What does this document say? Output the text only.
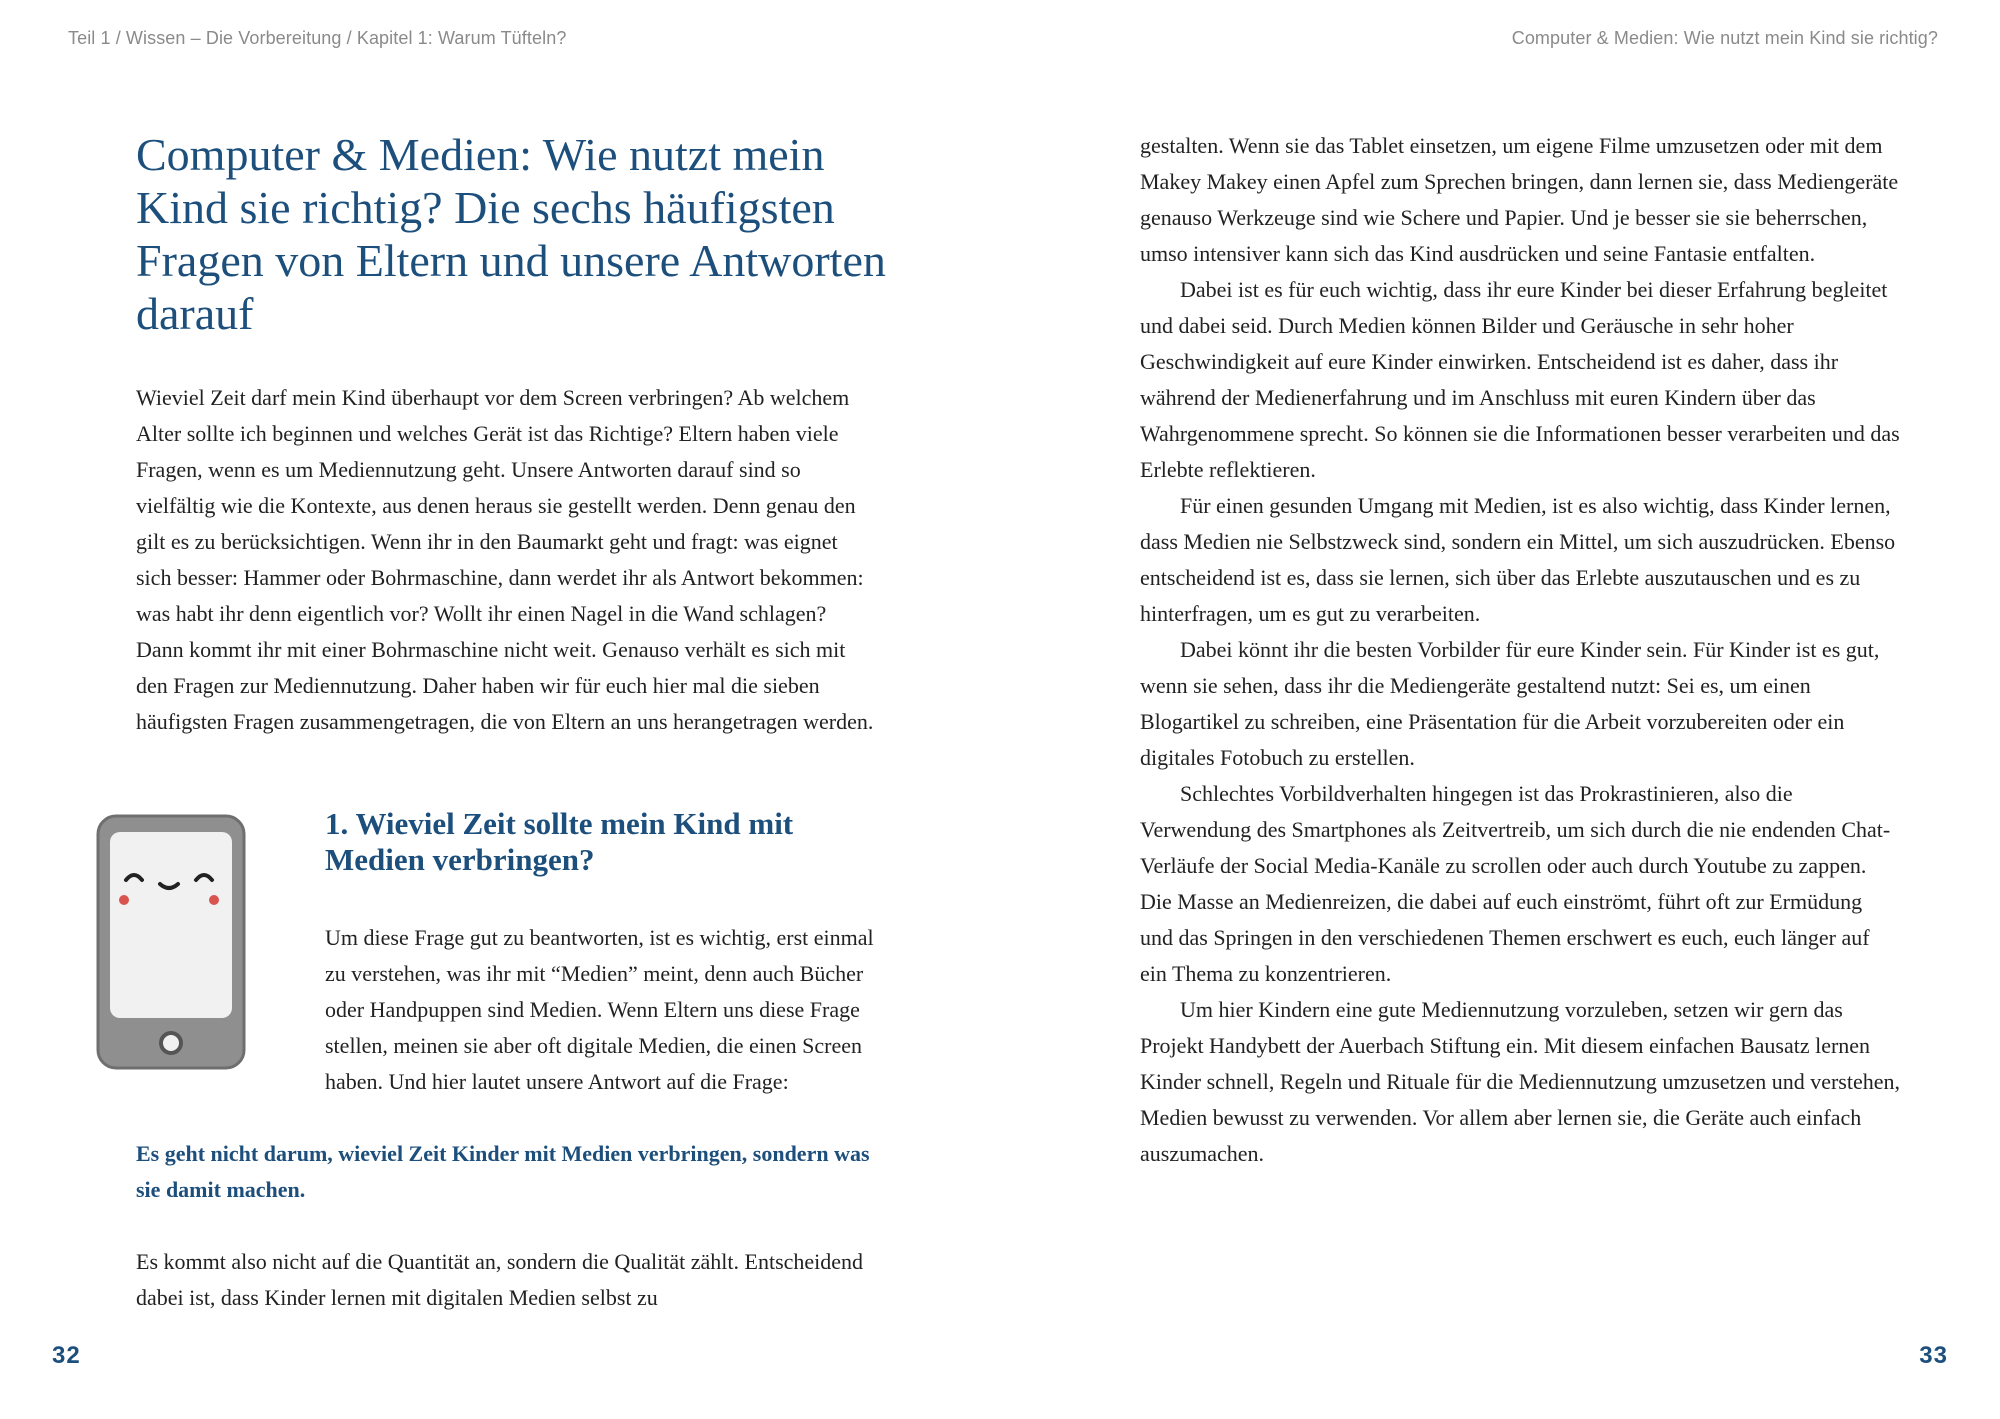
Teil 1 / Wissen – Die Vorbereitung / Kapitel 1: Warum Tüfteln?
Computer & Medien: Wie nutzt mein Kind sie richtig? Die sechs häufigsten Fragen von Eltern und unsere Antworten darauf

Wieviel Zeit darf mein Kind überhaupt vor dem Screen verbringen? Ab welchem Alter sollte ich beginnen und welches Gerät ist das Richtige? Eltern haben viele Fragen, wenn es um Mediennutzung geht. Unsere Antworten darauf sind so vielfältig wie die Kontexte, aus denen heraus sie gestellt werden. Denn genau den gilt es zu berücksichtigen. Wenn ihr in den Baumarkt geht und fragt: was eignet sich besser: Hammer oder Bohrmaschine, dann werdet ihr als Antwort bekommen: was habt ihr denn eigentlich vor? Wollt ihr einen Nagel in die Wand schlagen? Dann kommt ihr mit einer Bohrmaschine nicht weit. Genauso verhält es sich mit den Fragen zur Mediennutzung. Daher haben wir für euch hier mal die sieben häufigsten Fragen zusammengetragen, die von Eltern an uns herangetragen werden.

1. Wieviel Zeit sollte mein Kind mit Medien verbringen?

Um diese Frage gut zu beantworten, ist es wichtig, erst einmal zu verstehen, was ihr mit “Medien” meint, denn auch Bücher oder Handpuppen sind Medien. Wenn Eltern uns diese Frage stellen, meinen sie aber oft digitale Medien, die einen Screen haben. Und hier lautet unsere Antwort auf die Frage:

Es geht nicht darum, wieviel Zeit Kinder mit Medien verbringen, sondern was sie damit machen.

Es kommt also nicht auf die Quantität an, sondern die Qualität zählt. Entscheidend dabei ist, dass Kinder lernen mit digitalen Medien selbst zu

32
Computer & Medien: Wie nutzt mein Kind sie richtig?

gestalten. Wenn sie das Tablet einsetzen, um eigene Filme umzusetzen oder mit dem Makey Makey einen Apfel zum Sprechen bringen, dann lernen sie, dass Mediengeräte genauso Werkzeuge sind wie Schere und Papier. Und je besser sie sie beherrschen, umso intensiver kann sich das Kind ausdrücken und seine Fantasie entfalten.

Dabei ist es für euch wichtig, dass ihr eure Kinder bei dieser Erfahrung begleitet und dabei seid. Durch Medien können Bilder und Geräusche in sehr hoher Geschwindigkeit auf eure Kinder einwirken. Entscheidend ist es daher, dass ihr während der Medienerfahrung und im Anschluss mit euren Kindern über das Wahrgenommene sprecht. So können sie die Informationen besser verarbeiten und das Erlebte reflektieren.

Für einen gesunden Umgang mit Medien, ist es also wichtig, dass Kinder lernen, dass Medien nie Selbstzweck sind, sondern ein Mittel, um sich auszudrücken. Ebenso entscheidend ist es, dass sie lernen, sich über das Erlebte auszutauschen und es zu hinterfragen, um es gut zu verarbeiten.

Dabei könnt ihr die besten Vorbilder für eure Kinder sein. Für Kinder ist es gut, wenn sie sehen, dass ihr die Mediengeräte gestaltend nutzt: Sei es, um einen Blogartikel zu schreiben, eine Präsentation für die Arbeit vorzubereiten oder ein digitales Fotobuch zu erstellen.

Schlechtes Vorbildverhalten hingegen ist das Prokrastinieren, also die Verwendung des Smartphones als Zeitvertreib, um sich durch die nie endenden Chat-Verläufe der Social Media-Kanäle zu scrollen oder auch durch Youtube zu zappen. Die Masse an Medienreizen, die dabei auf euch einströmt, führt oft zur Ermüdung und das Springen in den verschiedenen Themen erschwert es euch, euch länger auf ein Thema zu konzentrieren.

Um hier Kindern eine gute Mediennutzung vorzuleben, setzen wir gern das Projekt Handybett der Auerbach Stiftung ein. Mit diesem einfachen Bausatz lernen Kinder schnell, Regeln und Rituale für die Mediennutzung umzusetzen und verstehen, Medien bewusst zu verwenden. Vor allem aber lernen sie, die Geräte auch einfach auszumachen.

33
